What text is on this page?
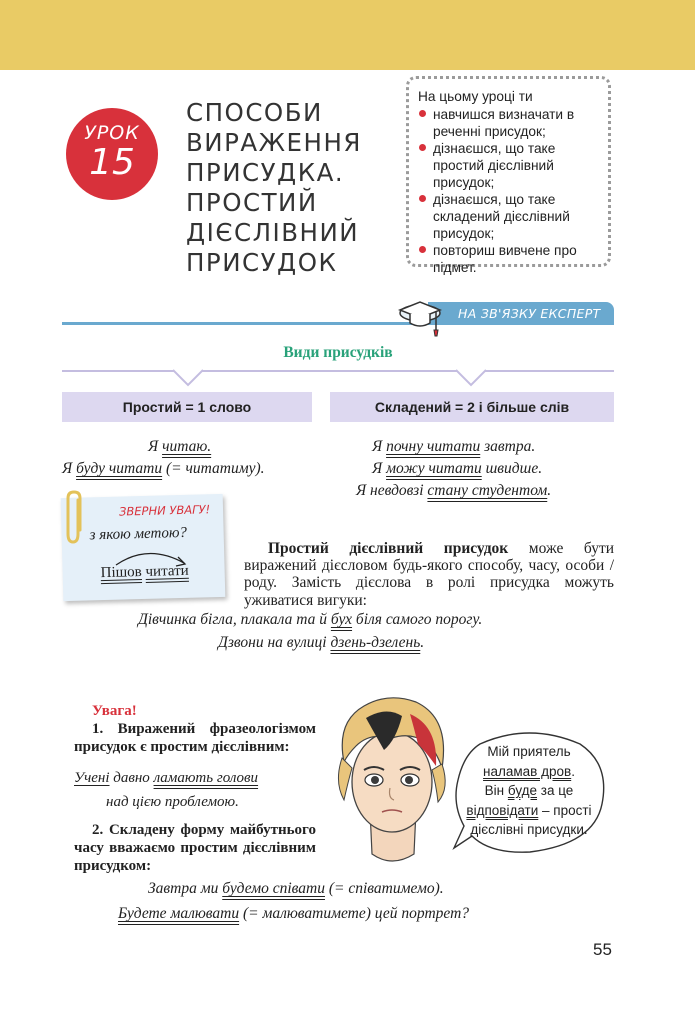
УРОК
15
СПОСОБИ
ВИРАЖЕННЯ
ПРИСУДКА.
ПРОСТИЙ
ДІЄСЛІВНИЙ
ПРИСУДОК
На цьому уроці ти
навчишся визначати в реченні присудок;
дізнаєшся, що таке простий дієслівний присудок;
дізнаєшся, що таке складений дієслівний присудок;
повториш вивчене про підмет.
НА ЗВ'ЯЗКУ ЕКСПЕРТ
Види присудків
Простий = 1 слово	Складений = 2 і більше слів
Я читаю.
Я буду читати (= читатиму).
Я почну читати завтра.
Я можу читати швидше.
Я невдовзі стану студентом.
ЗВЕРНИ УВАГУ!
з якою метою?
Пішов читати
Простий дієслівний присудок може бути виражений дієсловом будь-якого способу, часу, особи / роду. Замість дієслова в ролі присудка можуть уживатися вигуки:
Дівчинка бігла, плакала та й бух біля самого порогу.
Дзвони на вулиці дзень-дзелень.
Увага!
1. Виражений фразеологізмом присудок є простим дієслівним:
Учені давно ламають голови
над цією проблемою.
2. Складену форму майбутнього часу вважаємо простим дієслівним присудком:
Завтра ми будемо співати (= співатимемо).
Будете малювати (= малюватимете) цей портрет?
Мій приятель
наламав дров.
Він буде за це
відповідати – прості
дієслівні присудки.
55
